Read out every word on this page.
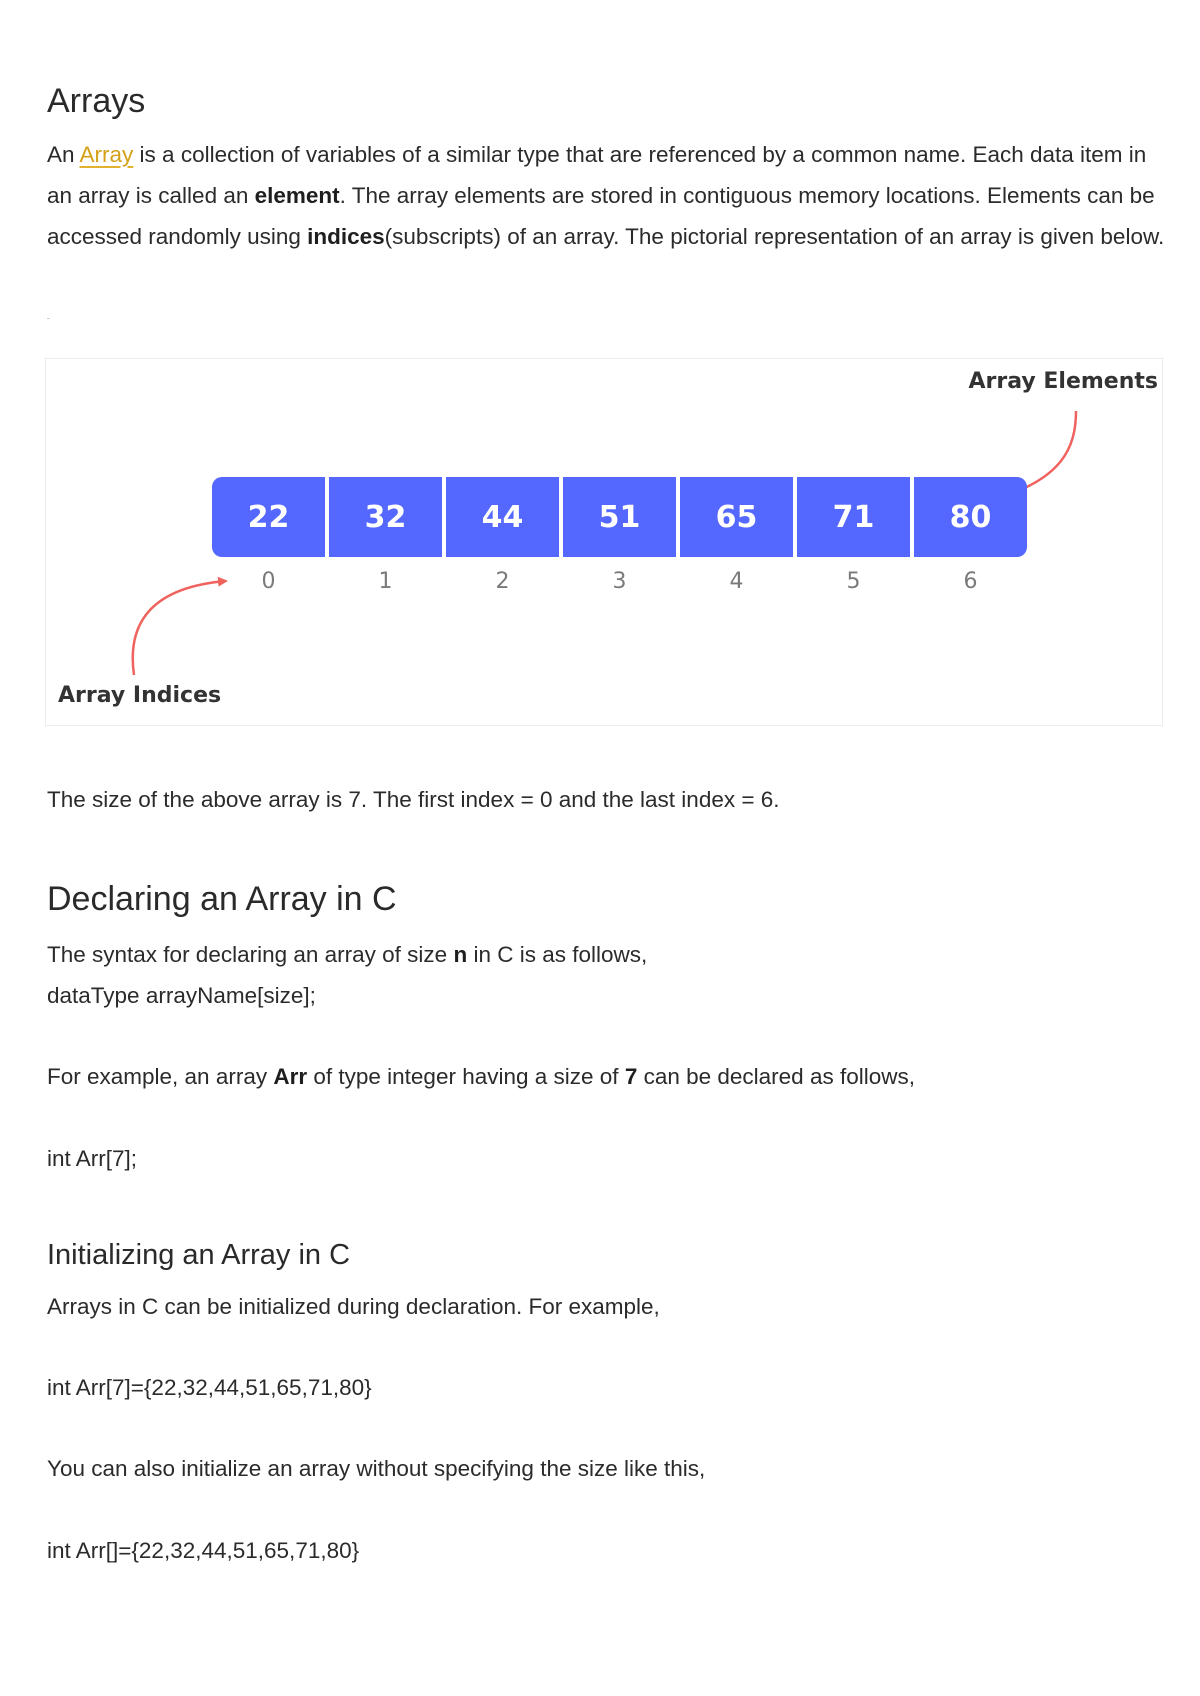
Arrays

An Array is a collection of variables of a similar type that are referenced by a common name. Each data item in an array is called an element. The array elements are stored in contiguous memory locations. Elements can be accessed randomly using indices(subscripts) of an array. The pictorial representation of an array is given below.

Array Elements
22	32	44	51	65	71	80
0	1	2	3	4	5	6
Array Indices

The size of the above array is 7. The first index = 0 and the last index = 6.

Declaring an Array in C

The syntax for declaring an array of size n in C is as follows,

dataType arrayName[size];

For example, an array Arr of type integer having a size of 7 can be declared as follows,

int Arr[7];

Initializing an Array in C

Arrays in C can be initialized during declaration. For example,

int Arr[7]={22,32,44,51,65,71,80}

You can also initialize an array without specifying the size like this,

int Arr[]={22,32,44,51,65,71,80}
